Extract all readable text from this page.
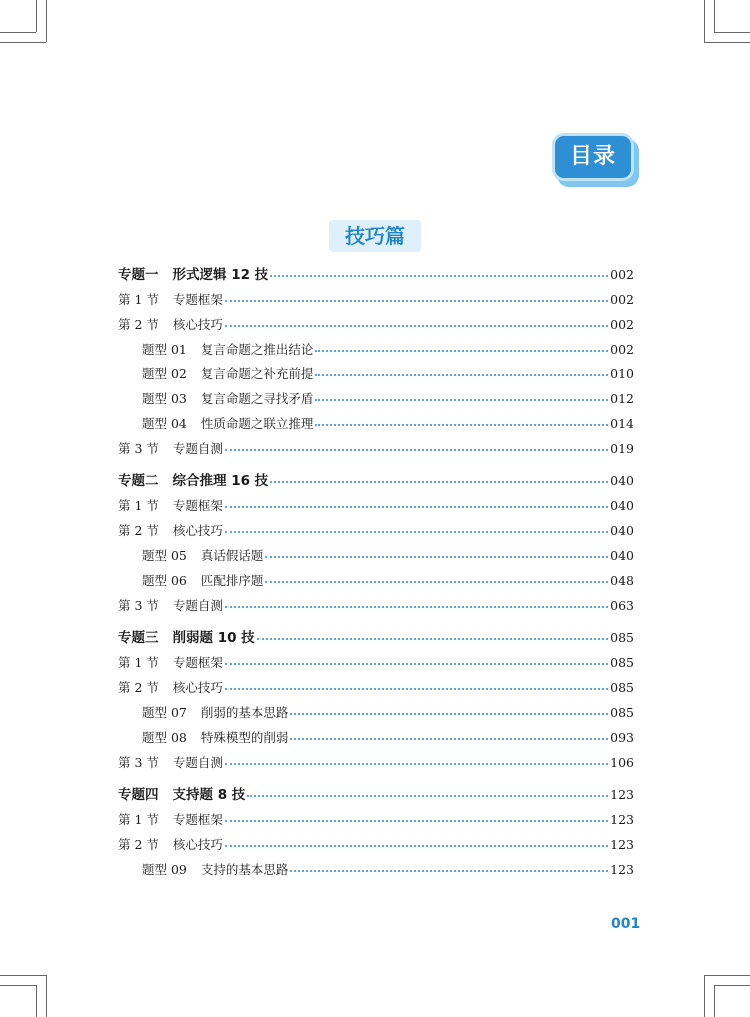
目录
技巧篇
专题一 形式逻辑 12 技	002
第 1 节 专题框架	002
第 2 节 核心技巧	002
题型 01 复言命题之推出结论	002
题型 02 复言命题之补充前提	010
题型 03 复言命题之寻找矛盾	012
题型 04 性质命题之联立推理	014
第 3 节 专题自测	019
专题二 综合推理 16 技	040
第 1 节 专题框架	040
第 2 节 核心技巧	040
题型 05 真话假话题	040
题型 06 匹配排序题	048
第 3 节 专题自测	063
专题三 削弱题 10 技	085
第 1 节 专题框架	085
第 2 节 核心技巧	085
题型 07 削弱的基本思路	085
题型 08 特殊模型的削弱	093
第 3 节 专题自测	106
专题四 支持题 8 技	123
第 1 节 专题框架	123
第 2 节 核心技巧	123
题型 09 支持的基本思路	123
001
